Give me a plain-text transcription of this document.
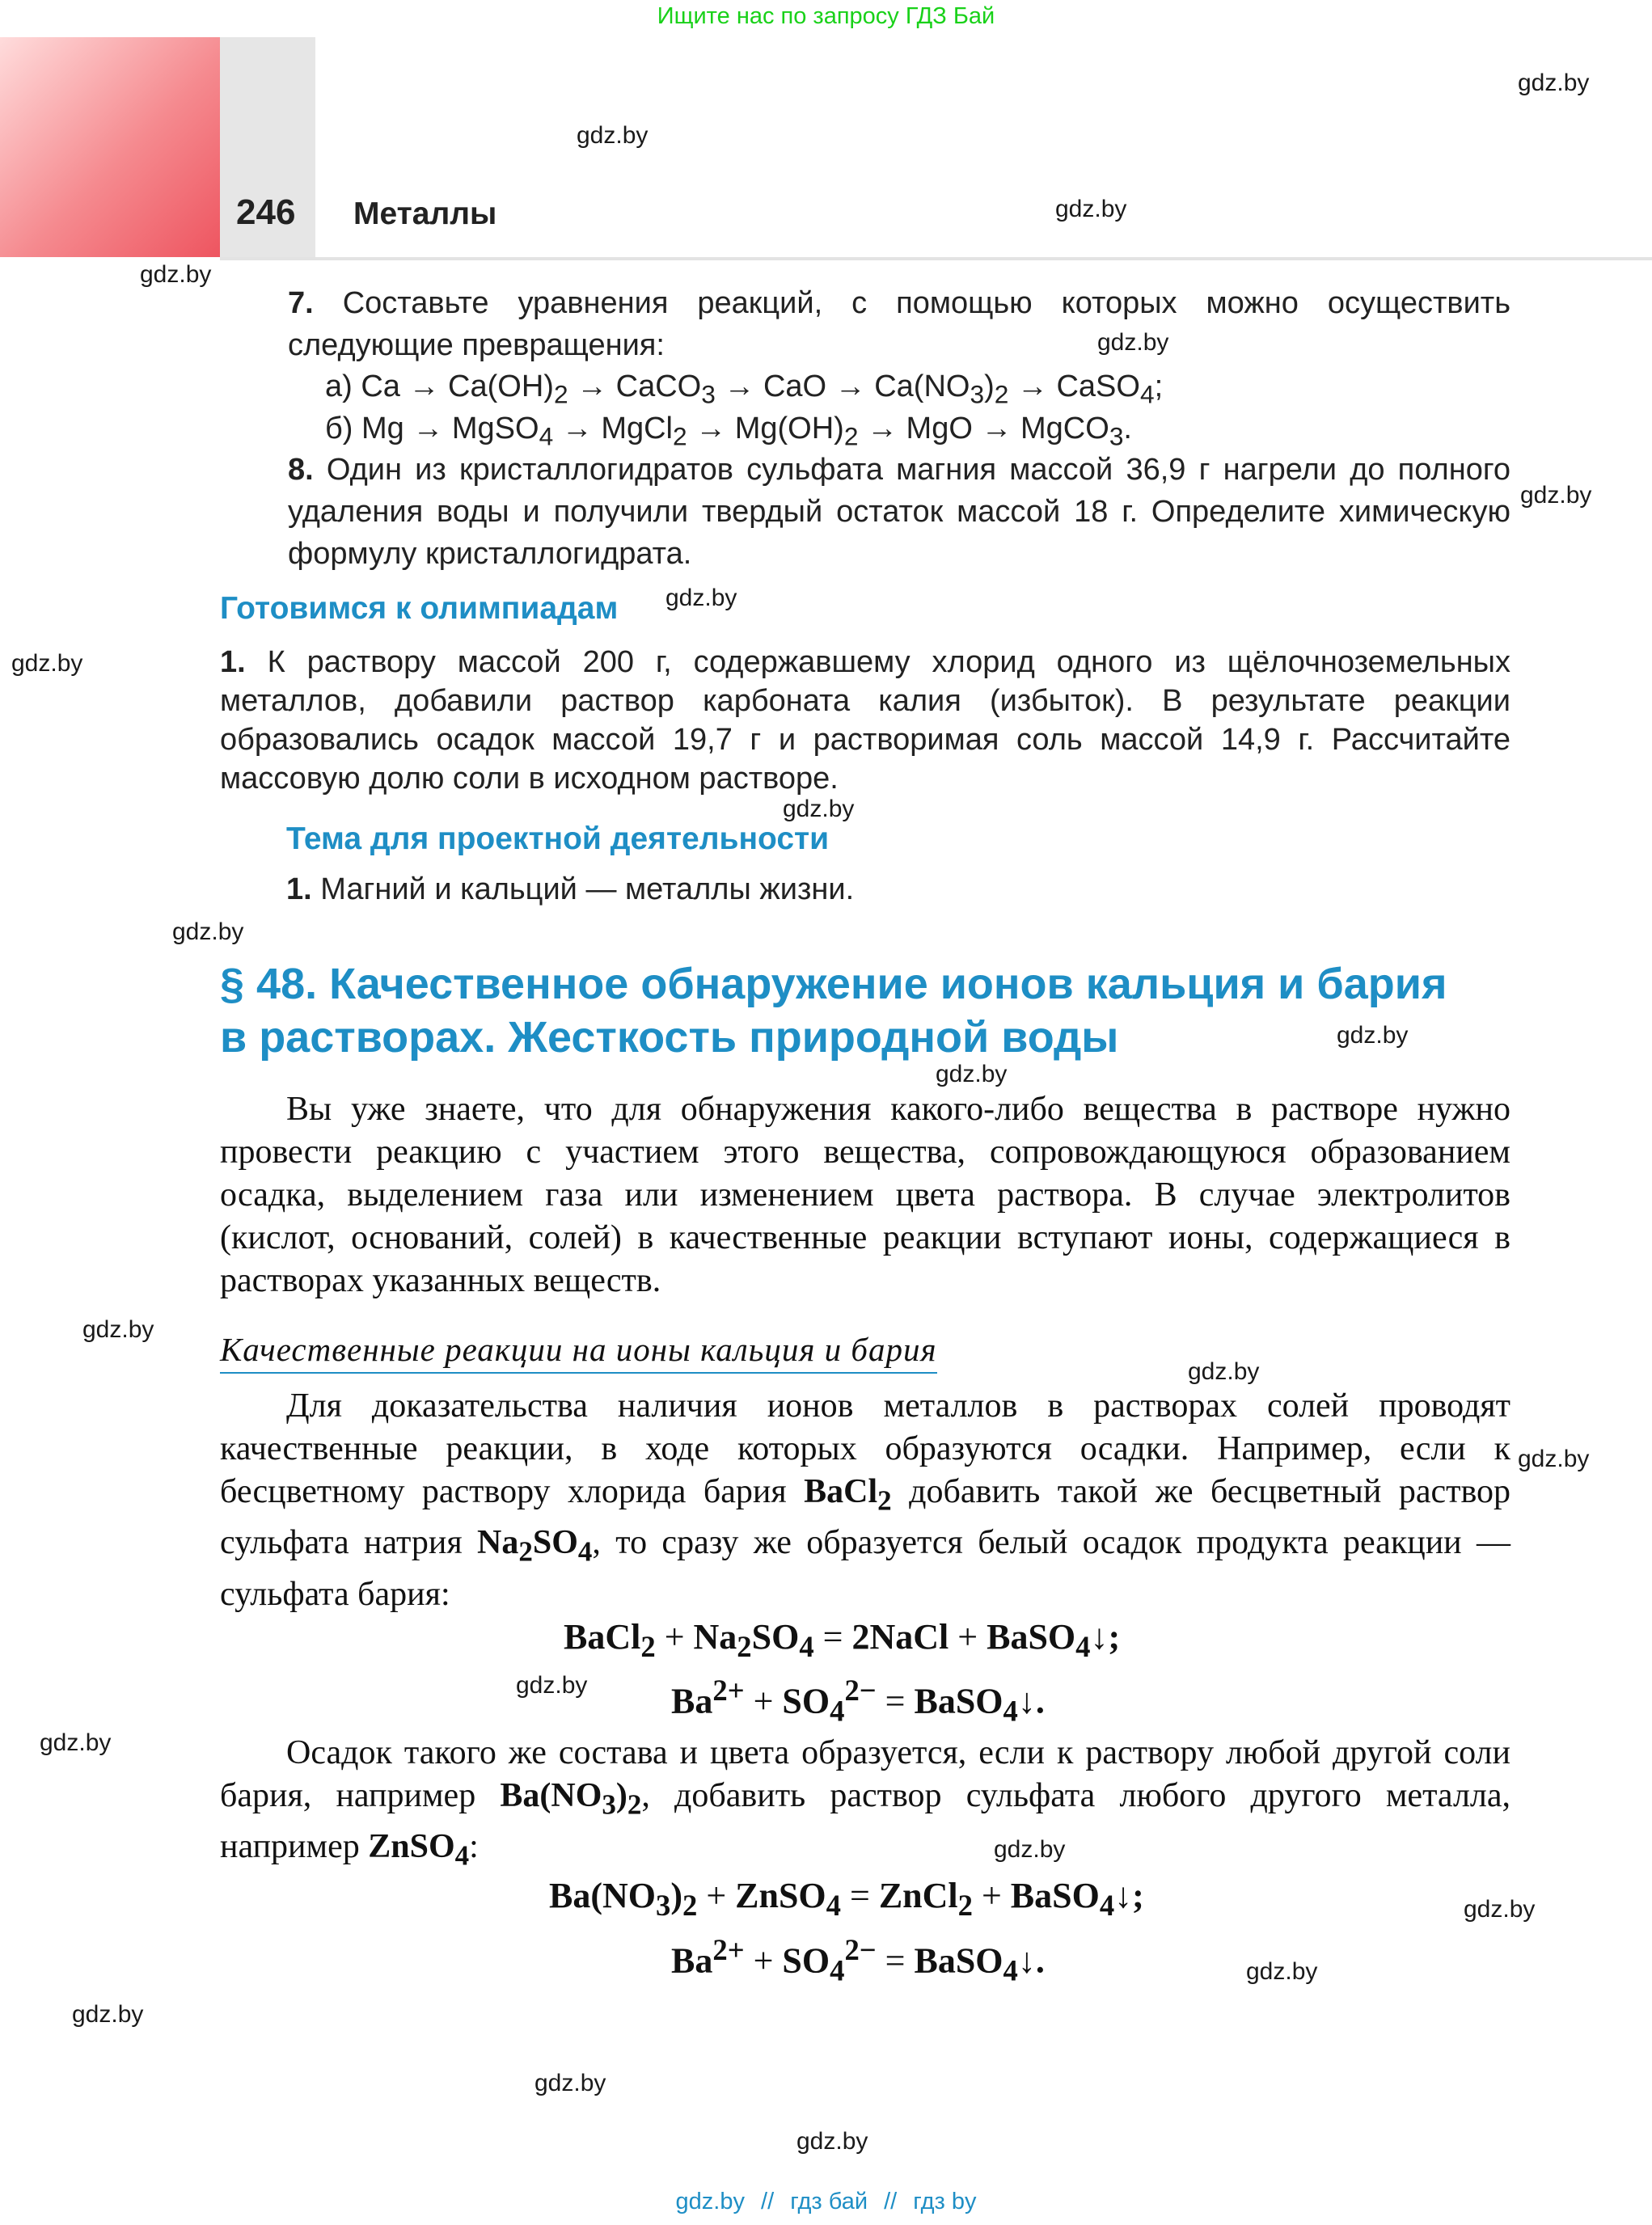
Ищите нас по запросу ГДЗ Бай
246 Металлы
7. Составьте уравнения реакций, с помощью которых можно осуществить следующие превращения:
а) $Ca \to Ca(OH)_2$ → CaCO$_3$ → CaO → $Ca(NO_3)_2$ → CaSO$_4$;
б) Mg → MgSO$_4$ → MgCl$_2$ → $Mg(OH)_2$ → MgO → MgCO$_3$.
8. Один из кристаллогидратов сульфата магния массой 36,9 г нагрели до полного удаления воды и получили твердый остаток массой 18 г. Определите химическую формулу кристаллогидрата.
Готовимся к олимпиадам
1. К раствору массой 200 г, содержавшему хлорид одного из щёлочноземельных металлов, добавили раствор карбоната калия (избыток). В результате реакции образовались осадок массой 19,7 г и растворимая соль массой 14,9 г. Рассчитайте массовую долю соли в исходном растворе.
Тема для проектной деятельности
1. Магний и кальций — металлы жизни.
§ 48. Качественное обнаружение ионов кальция и бария
в растворах. Жесткость природной воды
Вы уже знаете, что для обнаружения какого-либо вещества в растворе нужно провести реакцию с участием этого вещества, сопровождающуюся образованием осадка, выделением газа или изменением цвета раствора. В случае электролитов (кислот, оснований, солей) в качественные реакции вступают ионы, содержащиеся в растворах указанных веществ.
Качественные реакции на ионы кальция и бария
Для доказательства наличия ионов металлов в растворах солей проводят качественные реакции, в ходе которых образуются осадки. Например, если к бесцветному раствору хлорида бария BaCl$_2$ добавить такой же бесцветный раствор сульфата натрия $Na_2SO_4$, то сразу же образуется белый осадок продукта реакции — сульфата бария:
BaCl$_2$ + $Na_2SO_4$ = 2NaCl + BaSO$_4$↓;
$Ba^{2+} + SO_4^{2-}$ = BaSO$_4$↓.
Осадок такого же состава и цвета образуется, если к раствору любой другой соли бария, например $Ba(NO_3)_2$, добавить раствор сульфата любого другого металла, например ZnSO$_4$:
$Ba(NO_3)_2$ + ZnSO$_4$ = ZnCl$_2$ + BaSO$_4$↓;
$Ba^{2+} + SO_4^{2-}$ = BaSO$_4$↓.
gdz.by
gdz.by
gdz.by
gdz.by
gdz.by
gdz.by
gdz.by
gdz.by
gdz.by
gdz.by
gdz.by
gdz.by
gdz.by
gdz.by
gdz.by
gdz.by
gdz.by
gdz.by
gdz.by
gdz.by
gdz.by
gdz.by
gdz.by
gdz.by // гдз бай // гдз by
